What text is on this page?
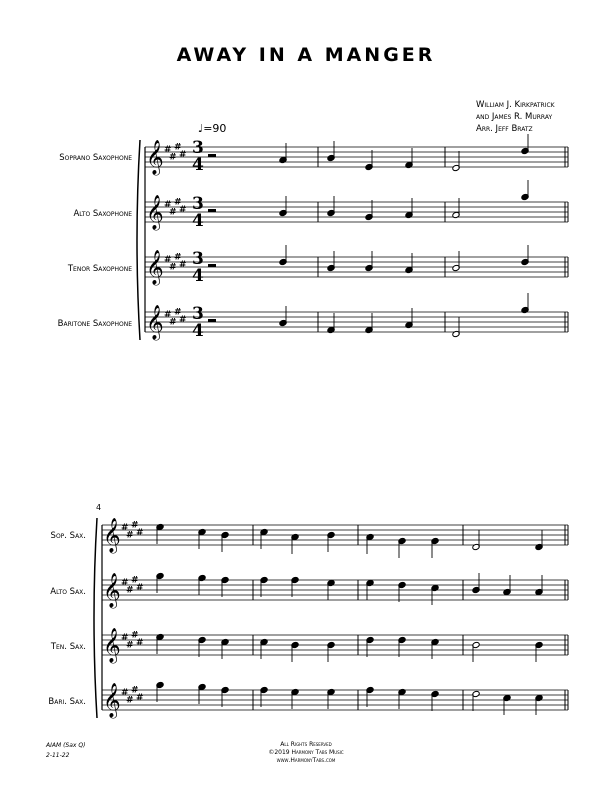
AWAY IN A MANGER
William J. Kirkpatrick
and James R. Murray
Arr. Jeff Bratz
♩=90
Soprano Saxophone
Alto Saxophone
Tenor Saxophone
Baritone Saxophone
Sop. Sax.
Alto Sax.
Ten. Sax.
Bari. Sax.
4
3
4
3
4
3
4
3
4
𝄞 #
#
#
#
𝄞 #
#
#
#
𝄞 #
#
#
#
𝄞 #
#
#
#
𝄞 #
#
#
#
𝄞 #
#
#
#
𝄞 #
#
#
#
𝄞 #
#
#
#
AIAM (Sax Q)
2-11-22
All Rights Reserved
©2019 Harmony Tabs Music
www.HarmonyTabs.com
